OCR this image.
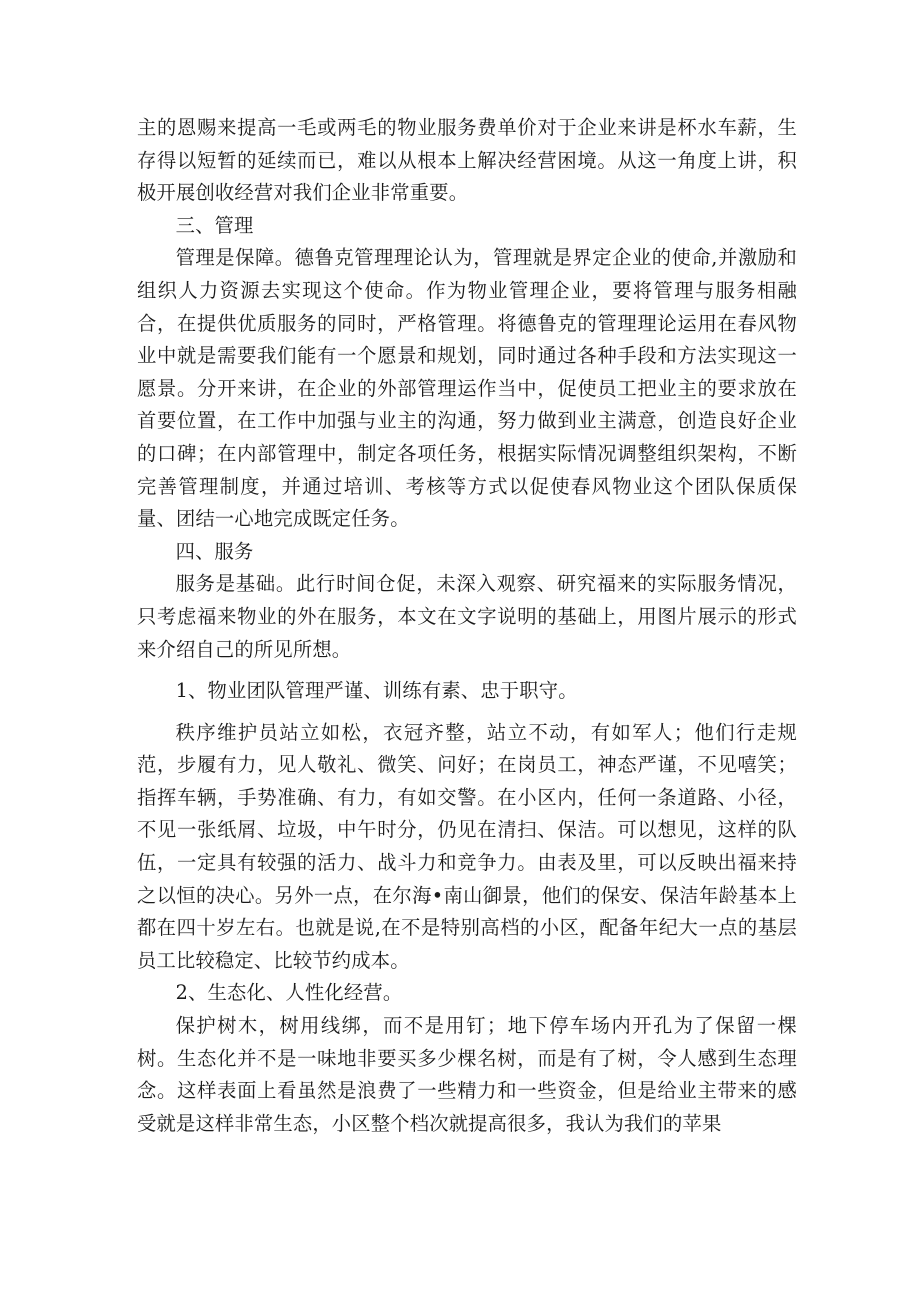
主的恩赐来提高一毛或两毛的物业服务费单价对于企业来讲是杯水车薪，生存得以短暂的延续而已，难以从根本上解决经营困境。从这一角度上讲，积极开展创收经营对我们企业非常重要。

三、管理

管理是保障。德鲁克管理理论认为，管理就是界定企业的使命,并激励和组织人力资源去实现这个使命。作为物业管理企业，要将管理与服务相融合，在提供优质服务的同时，严格管理。将德鲁克的管理理论运用在春风物业中就是需要我们能有一个愿景和规划，同时通过各种手段和方法实现这一愿景。分开来讲，在企业的外部管理运作当中，促使员工把业主的要求放在首要位置，在工作中加强与业主的沟通，努力做到业主满意，创造良好企业的口碑；在内部管理中，制定各项任务，根据实际情况调整组织架构，不断完善管理制度，并通过培训、考核等方式以促使春风物业这个团队保质保量、团结一心地完成既定任务。

四、服务

服务是基础。此行时间仓促，未深入观察、研究福来的实际服务情况，只考虑福来物业的外在服务，本文在文字说明的基础上，用图片展示的形式来介绍自己的所见所想。

1、物业团队管理严谨、训练有素、忠于职守。

秩序维护员站立如松，衣冠齐整，站立不动，有如军人；他们行走规范，步履有力，见人敬礼、微笑、问好；在岗员工，神态严谨，不见嘻笑；指挥车辆，手势准确、有力，有如交警。在小区内，任何一条道路、小径，不见一张纸屑、垃圾，中午时分，仍见在清扫、保洁。可以想见，这样的队伍，一定具有较强的活力、战斗力和竞争力。由表及里，可以反映出福来持之以恒的决心。另外一点，在尔海•南山御景，他们的保安、保洁年龄基本上都在四十岁左右。也就是说,在不是特别高档的小区，配备年纪大一点的基层员工比较稳定、比较节约成本。

2、生态化、人性化经营。

保护树木，树用线绑，而不是用钉；地下停车场内开孔为了保留一棵树。生态化并不是一味地非要买多少棵名树，而是有了树，令人感到生态理念。这样表面上看虽然是浪费了一些精力和一些资金，但是给业主带来的感受就是这样非常生态，小区整个档次就提高很多，我认为我们的苹果
